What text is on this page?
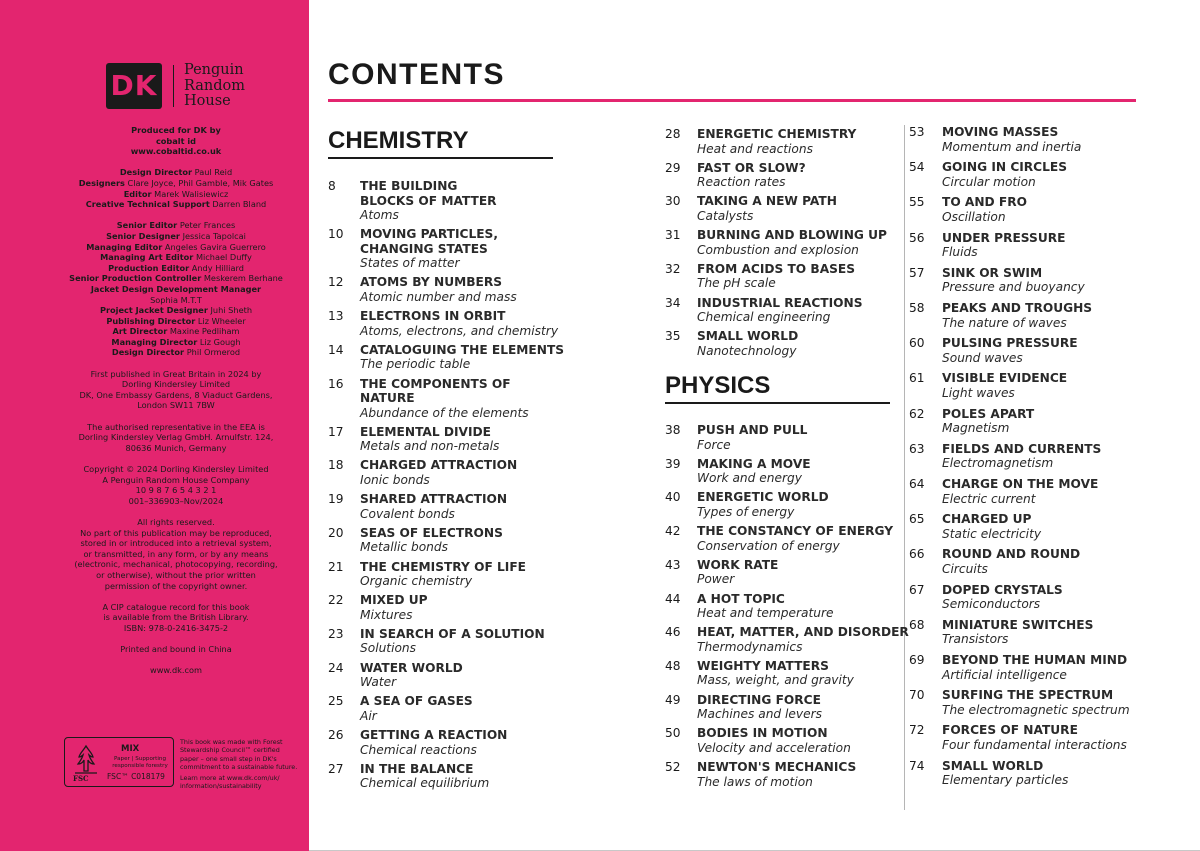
DK	Penguin
Random
House

Produced for DK by
cobalt id
www.cobaltid.co.uk

Design Director Paul Reid
Designers Clare Joyce, Phil Gamble, Mik Gates
Editor Marek Walisiewicz
Creative Technical Support Darren Bland

Senior Editor Peter Frances
Senior Designer Jessica Tapolcai
Managing Editor Angeles Gavira Guerrero
Managing Art Editor Michael Duffy
Production Editor Andy Hilliard
Senior Production Controller Meskerem Berhane
Jacket Design Development Manager
Sophia M.T.T
Project Jacket Designer Juhi Sheth
Publishing Director Liz Wheeler
Art Director Maxine Pedliham
Managing Director Liz Gough
Design Director Phil Ormerod

First published in Great Britain in 2024 by
Dorling Kindersley Limited
DK, One Embassy Gardens, 8 Viaduct Gardens,
London SW11 7BW

The authorised representative in the EEA is
Dorling Kindersley Verlag GmbH. Arnulfstr. 124,
80636 Munich, Germany

Copyright © 2024 Dorling Kindersley Limited
A Penguin Random House Company
10 9 8 7 6 5 4 3 2 1
001–336903–Nov/2024

All rights reserved.
No part of this publication may be reproduced,
stored in or introduced into a retrieval system,
or transmitted, in any form, or by any means
(electronic, mechanical, photocopying, recording,
or otherwise), without the prior written
permission of the copyright owner.

A CIP catalogue record for this book
is available from the British Library.
ISBN: 978-0-2416-3475-2

Printed and bound in China

www.dk.com

FSC
MIX
Paper | Supporting
responsible forestry
FSC™ C018179
This book was made with Forest
Stewardship Council™ certified
paper – one small step in DK's
commitment to a sustainable future.
Learn more at www.dk.com/uk/
information/sustainability
CONTENTS
CHEMISTRY
PHYSICS
8 THE BUILDING
BLOCKS OF MATTER
Atoms
10 MOVING PARTICLES,
CHANGING STATES
States of matter
12 ATOMS BY NUMBERS
Atomic number and mass
13 ELECTRONS IN ORBIT
Atoms, electrons, and chemistry
14 CATALOGUING THE ELEMENTS
The periodic table
16 THE COMPONENTS OF
NATURE
Abundance of the elements
17 ELEMENTAL DIVIDE
Metals and non-metals
18 CHARGED ATTRACTION
Ionic bonds
19 SHARED ATTRACTION
Covalent bonds
20 SEAS OF ELECTRONS
Metallic bonds
21 THE CHEMISTRY OF LIFE
Organic chemistry
22 MIXED UP
Mixtures
23 IN SEARCH OF A SOLUTION
Solutions
24 WATER WORLD
Water
25 A SEA OF GASES
Air
26 GETTING A REACTION
Chemical reactions
27 IN THE BALANCE
Chemical equilibrium
28 ENERGETIC CHEMISTRY
Heat and reactions
29 FAST OR SLOW?
Reaction rates
30 TAKING A NEW PATH
Catalysts
31 BURNING AND BLOWING UP
Combustion and explosion
32 FROM ACIDS TO BASES
The pH scale
34 INDUSTRIAL REACTIONS
Chemical engineering
35 SMALL WORLD
Nanotechnology
38 PUSH AND PULL
Force
39 MAKING A MOVE
Work and energy
40 ENERGETIC WORLD
Types of energy
42 THE CONSTANCY OF ENERGY
Conservation of energy
43 WORK RATE
Power
44 A HOT TOPIC
Heat and temperature
46 HEAT, MATTER, AND DISORDER
Thermodynamics
48 WEIGHTY MATTERS
Mass, weight, and gravity
49 DIRECTING FORCE
Machines and levers
50 BODIES IN MOTION
Velocity and acceleration
52 NEWTON'S MECHANICS
The laws of motion
53 MOVING MASSES
Momentum and inertia
54 GOING IN CIRCLES
Circular motion
55 TO AND FRO
Oscillation
56 UNDER PRESSURE
Fluids
57 SINK OR SWIM
Pressure and buoyancy
58 PEAKS AND TROUGHS
The nature of waves
60 PULSING PRESSURE
Sound waves
61 VISIBLE EVIDENCE
Light waves
62 POLES APART
Magnetism
63 FIELDS AND CURRENTS
Electromagnetism
64 CHARGE ON THE MOVE
Electric current
65 CHARGED UP
Static electricity
66 ROUND AND ROUND
Circuits
67 DOPED CRYSTALS
Semiconductors
68 MINIATURE SWITCHES
Transistors
69 BEYOND THE HUMAN MIND
Artificial intelligence
70 SURFING THE SPECTRUM
The electromagnetic spectrum
72 FORCES OF NATURE
Four fundamental interactions
74 SMALL WORLD
Elementary particles
